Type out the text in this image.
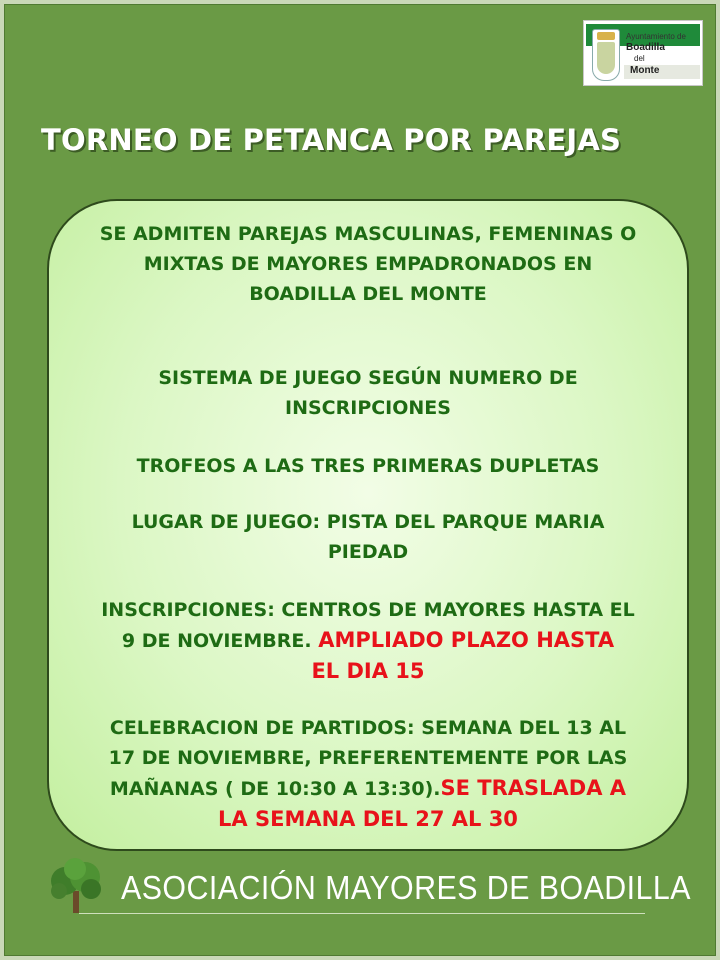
Ayuntamiento de
Boadilla
del
Monte
TORNEO DE PETANCA POR PAREJAS
SE ADMITEN PAREJAS MASCULINAS, FEMENINAS O
MIXTAS DE MAYORES EMPADRONADOS EN
BOADILLA DEL MONTE
SISTEMA DE JUEGO SEGÚN NUMERO DE
INSCRIPCIONES
TROFEOS A LAS TRES PRIMERAS DUPLETAS
LUGAR DE JUEGO: PISTA DEL PARQUE MARIA
PIEDAD
INSCRIPCIONES: CENTROS DE MAYORES HASTA EL
9 DE NOVIEMBRE. AMPLIADO PLAZO HASTA
EL DIA 15
CELEBRACION DE PARTIDOS: SEMANA DEL 13 AL
17 DE NOVIEMBRE, PREFERENTEMENTE POR LAS
MAÑANAS ( DE 10:30 A 13:30).SE TRASLADA A
LA SEMANA DEL 27 AL 30
ASOCIACIÓN MAYORES DE BOADILLA
